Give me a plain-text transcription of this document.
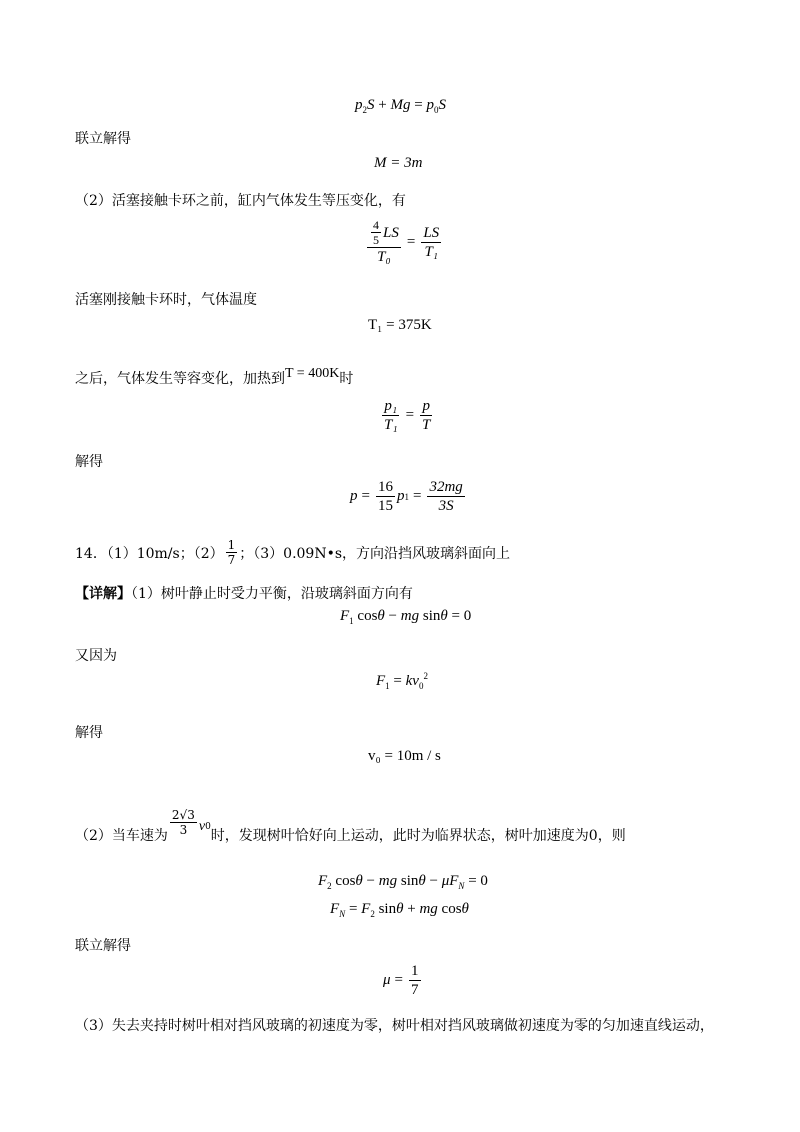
$p_2S + Mg = p_0S$
联立解得
M = 3m
（2）活塞接触卡环之前，缸内气体发生等压变化，有
$\frac{\frac{4}{5} LS}{\text{T₀}} = \frac{LS}{\text{T₁}}$
活塞刚接触卡环时，气体温度
T₁ = 375K
之后，气体发生等容变化，加热到T = 400K时
$\frac{\text{p₁}}{\text{T₁}} = \frac{p}{T}$
解得
$p = \frac{16}{15}$ p $1 = \frac{32mg}{3S}$
14．（1）10m/s；$(2) \frac{1}{7}$ ；（3）0.09N•s，方向沿挡风玻璃斜面向上
【详解】（1）树叶静止时受力平衡，沿玻璃斜面方向有
$F_1$ cosθ − mg sinθ = 0
又因为
$F_1 = kv_0^2$
解得
v₀ = 10m / s
（2）当车速为 $\frac{2√3}{3} v_0$
时，发现树叶恰好向上运动，此时为临界状态，树叶加速度为0，则
$F_2$ cosθ − mg $\sin\theta - \mu F_N = 0$
$F_N = F_2$ sinθ + mg cosθ
联立解得
$\mu = \frac{1}{7}$
（3）失去夹持时树叶相对挡风玻璃的初速度为零，树叶相对挡风玻璃做初速度为零的匀加速直线运动，
